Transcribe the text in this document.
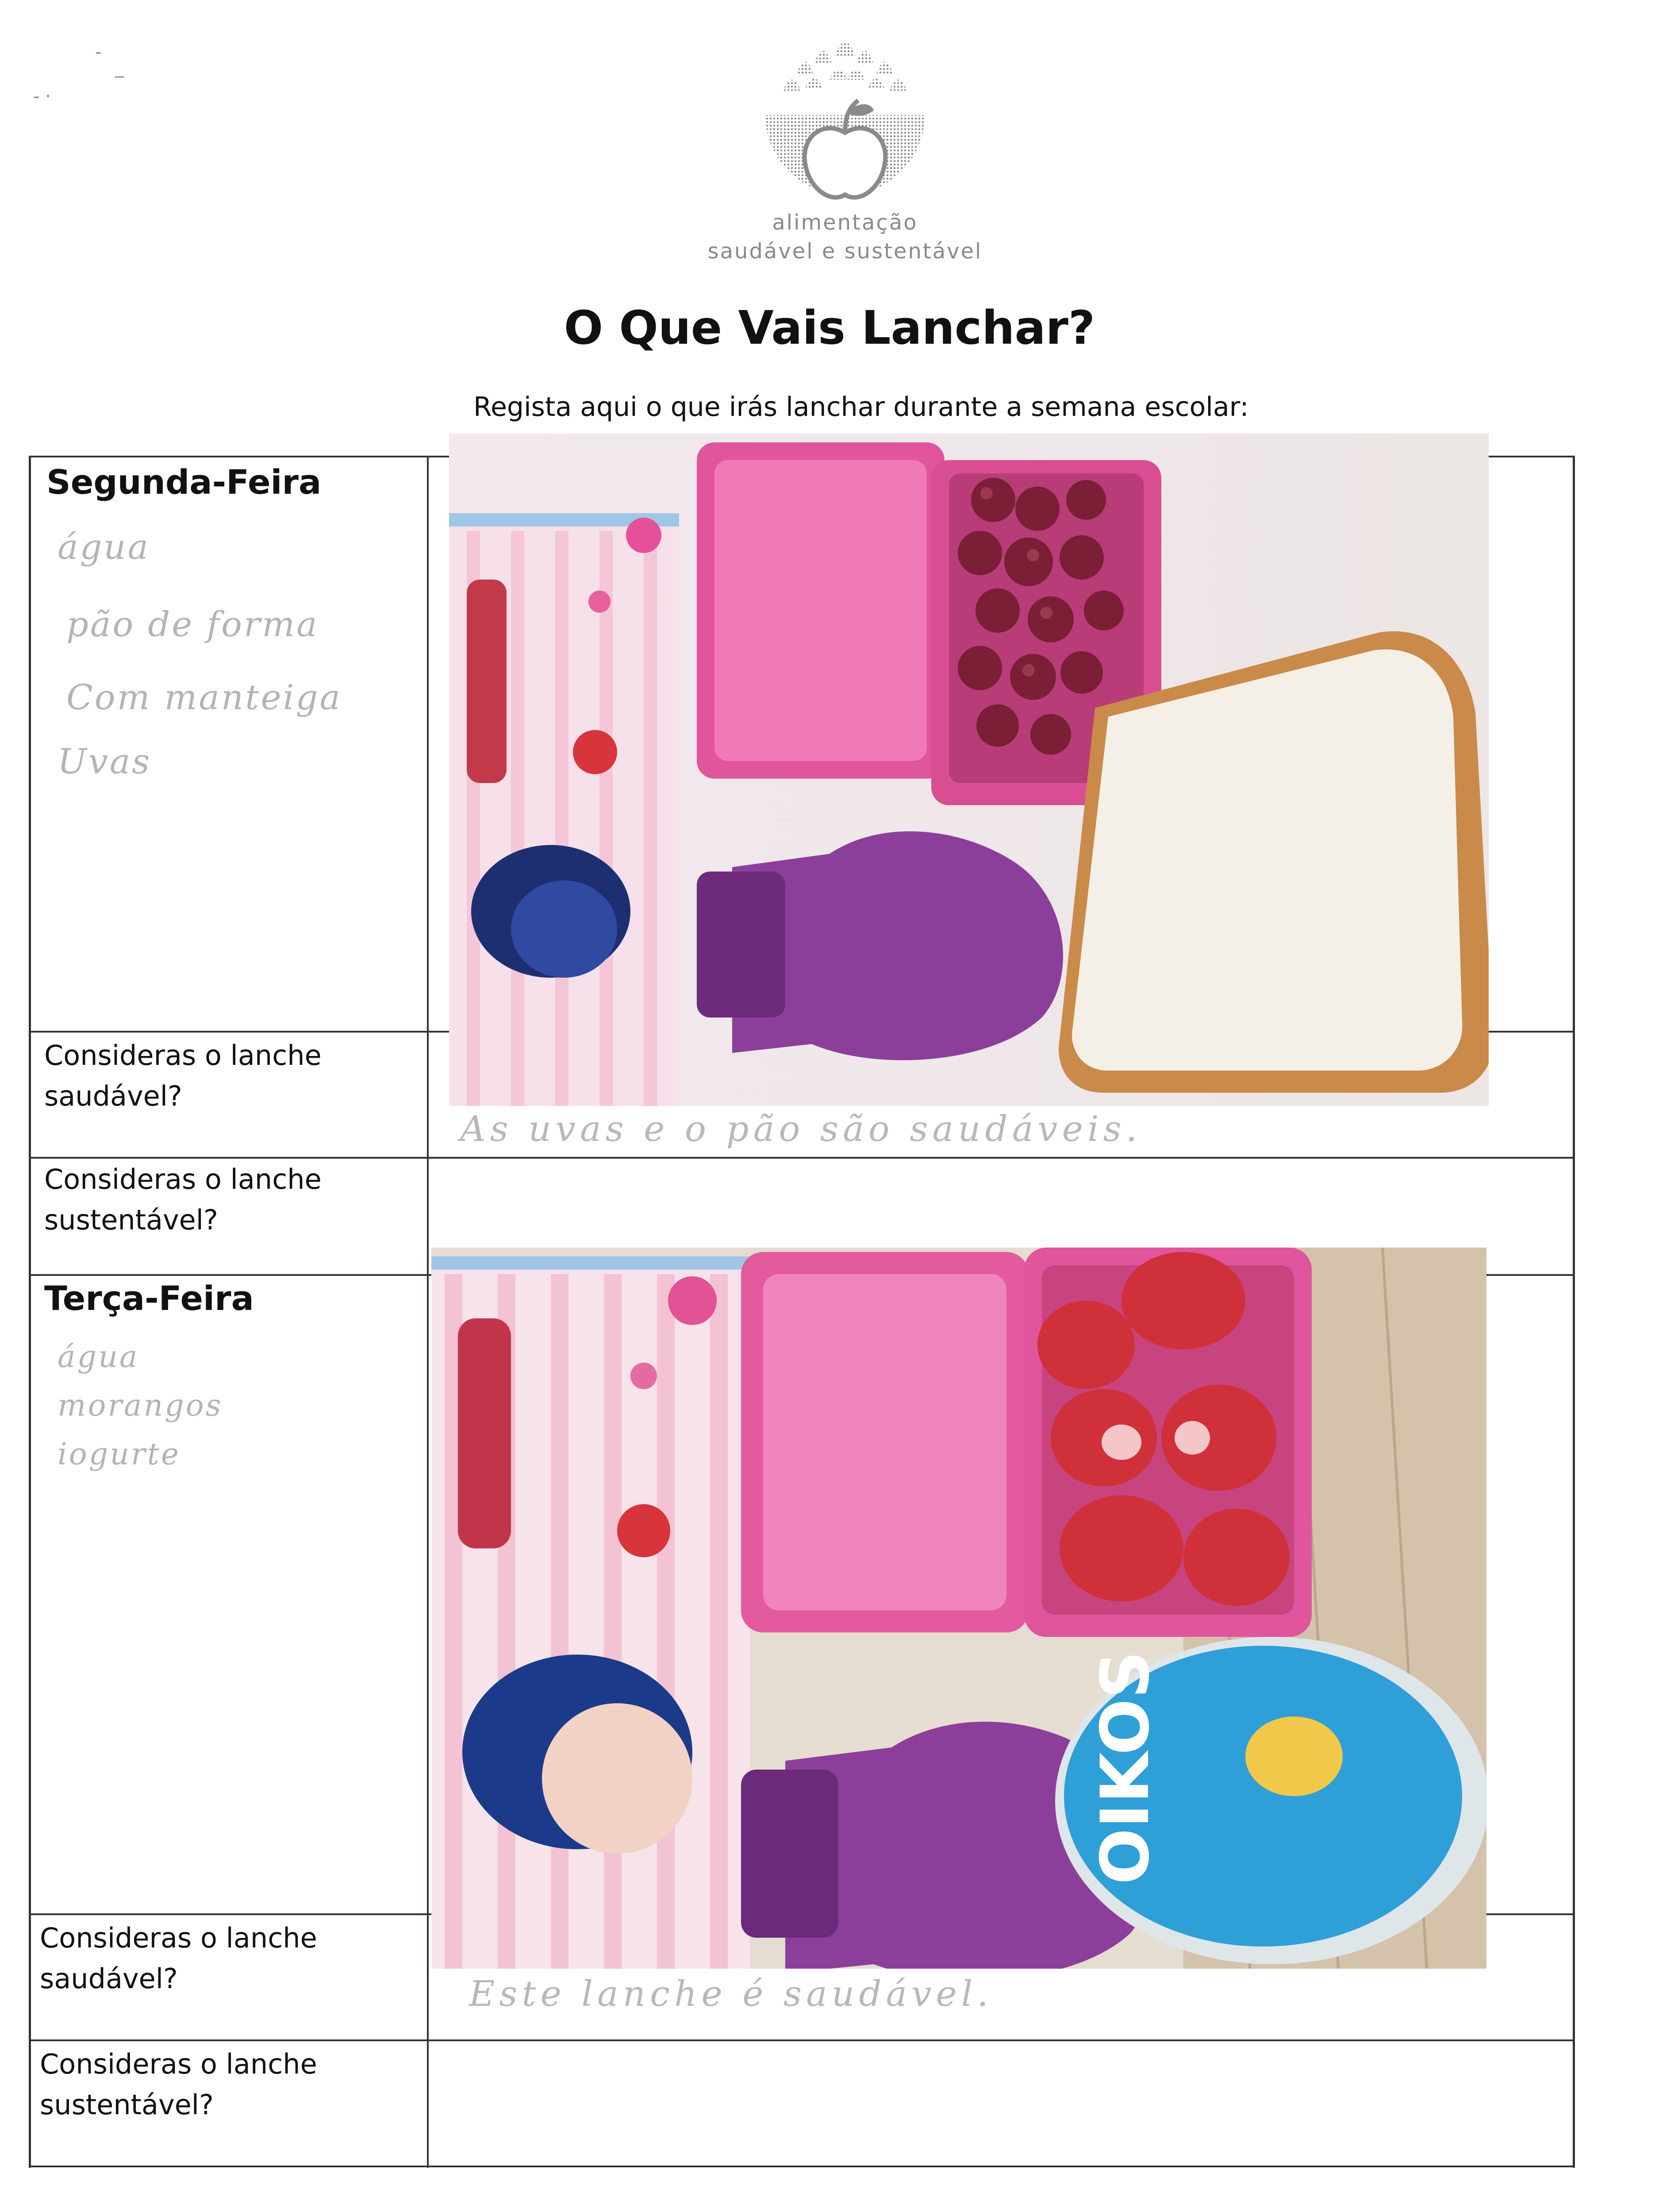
-
_
‐ ·
alimentação
saudável e sustentável
O Que Vais Lanchar?
Regista aqui o que irás lanchar durante a semana escolar:
Segunda-Feira
água
pão de forma
Com manteiga
Uvas
Consideras o lanche saudável?
As uvas e o pão são saudáveis.
Consideras o lanche sustentável?
Terça-Feira
água
morangos
iogurte
Consideras o lanche saudável?	Este lanche é saudável.
Consideras o lanche sustentável?
OIKOS
